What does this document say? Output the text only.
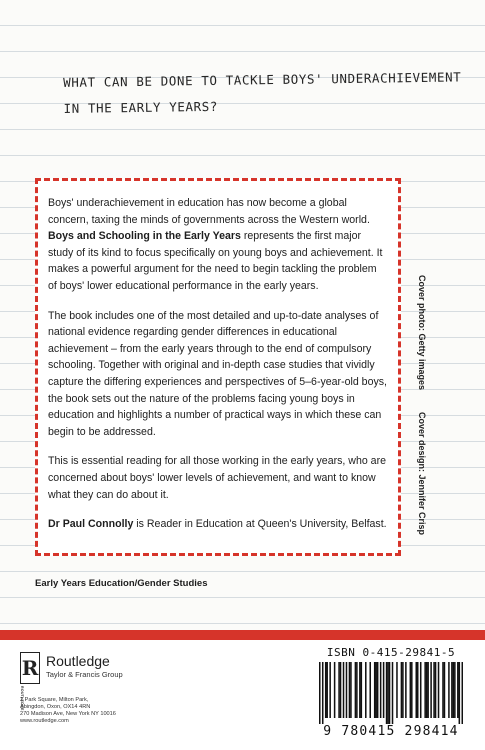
WHAT CAN BE DONE TO TACKLE BOYS' UNDERACHIEVEMENT IN THE EARLY YEARS?

Boys' underachievement in education has now become a global concern, taxing the minds of governments across the Western world.
Boys and Schooling in the Early Years represents the first major study of its kind to focus specifically on young boys and achievement. It makes a powerful argument for the need to begin tackling the problem of boys' lower educational performance in the early years.

The book includes one of the most detailed and up-to-date analyses of national evidence regarding gender differences in educational achievement – from the early years through to the end of compulsory schooling. Together with original and in-depth case studies that vividly capture the differing experiences and perspectives of 5–6-year-old boys, the book sets out the nature of the problems facing young boys in education and highlights a number of practical ways in which these can begin to be addressed.

This is essential reading for all those working in the early years, who are concerned about boys' lower levels of achievement, and want to know what they can do about it.

Dr Paul Connolly is Reader in Education at Queen's University, Belfast.

Cover photo: Getty imagesCover design: Jennifer Crisp
Early Years Education/Gender Studies
R
ROUTLEDGE
Routledge
Taylor & Francis Group
2 Park Square, Milton Park,
Abingdon, Oxon, OX14 4RN
270 Madison Ave, New York NY 10016
www.routledge.com
ISBN 0-415-29841-5
9 780415 298414
